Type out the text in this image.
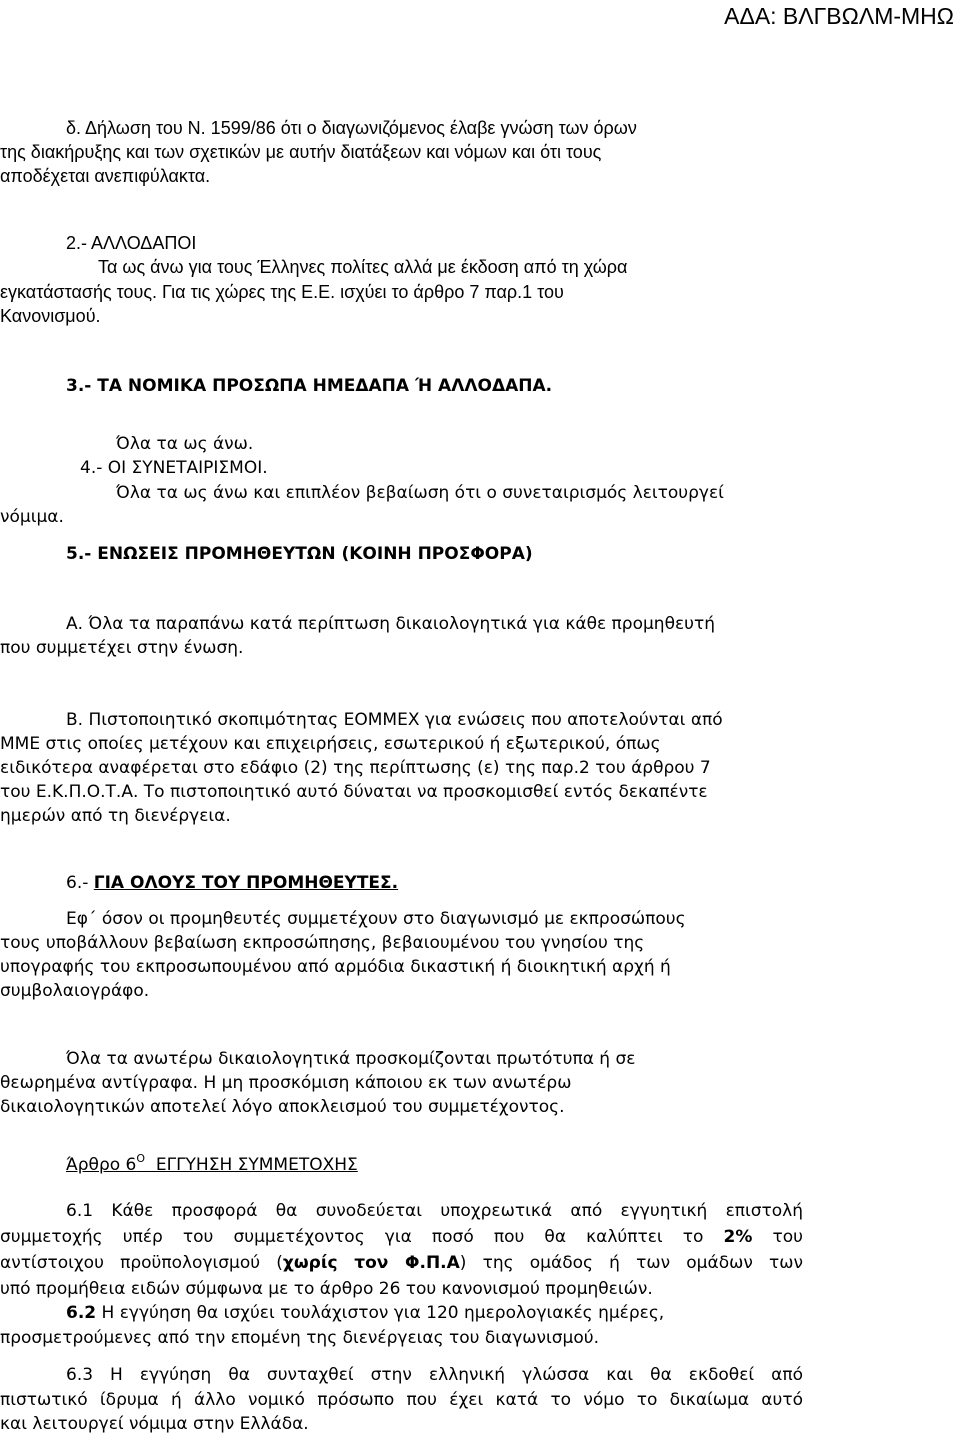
ΑΔΑ: ΒΛΓΒΩΛΜ-ΜΗΩ
δ. Δήλωση του Ν. 1599/86 ότι ο διαγωνιζόμενος έλαβε γνώση των όρων
της διακήρυξης και των σχετικών με αυτήν διατάξεων και νόμων και ότι τους
αποδέχεται ανεπιφύλακτα.
2.- ΑΛΛΟΔΑΠΟΙ
Τα ως άνω για τους Έλληνες πολίτες αλλά με έκδοση από τη χώρα
εγκατάστασής τους. Για τις χώρες της Ε.Ε. ισχύει το άρθρο 7 παρ.1 του
Κανονισμού.
3.- ΤΑ ΝΟΜΙΚΑ ΠΡΟΣΩΠΑ ΗΜΕΔΑΠΑ Ή ΑΛΛΟΔΑΠΑ.
Όλα τα ως άνω.
4.- ΟΙ ΣΥΝΕΤΑΙΡΙΣΜΟΙ.
Όλα τα ως άνω και επιπλέον βεβαίωση ότι ο συνεταιρισμός λειτουργεί
νόμιμα.
5.- ΕΝΩΣΕΙΣ ΠΡΟΜΗΘΕΥΤΩΝ (ΚΟΙΝΗ ΠΡΟΣΦΟΡΑ)
Α. Όλα τα παραπάνω κατά περίπτωση δικαιολογητικά για κάθε προμηθευτή
που συμμετέχει στην ένωση.
Β. Πιστοποιητικό σκοπιμότητας ΕΟΜΜΕΧ για ενώσεις που αποτελούνται από
ΜΜΕ στις οποίες μετέχουν και επιχειρήσεις, εσωτερικού ή εξωτερικού, όπως
ειδικότερα αναφέρεται στο εδάφιο (2) της περίπτωσης (ε) της παρ.2 του άρθρου 7
του Ε.Κ.Π.Ο.Τ.Α. Το πιστοποιητικό αυτό δύναται να προσκομισθεί εντός δεκαπέντε
ημερών από τη διενέργεια.
6.- ΓΙΑ ΟΛΟΥΣ ΤΟΥ ΠΡΟΜΗΘΕΥΤΕΣ.
Εφ΄ όσον οι προμηθευτές συμμετέχουν στο διαγωνισμό με εκπροσώπους
τους υποβάλλουν βεβαίωση εκπροσώπησης, βεβαιουμένου του γνησίου της
υπογραφής του εκπροσωπουμένου από αρμόδια δικαστική ή διοικητική αρχή ή
συμβολαιογράφο.
Όλα τα ανωτέρω δικαιολογητικά προσκομίζονται πρωτότυπα ή σε
θεωρημένα αντίγραφα. Η μη προσκόμιση κάποιου εκ των ανωτέρω
δικαιολογητικών αποτελεί λόγο αποκλεισμού του συμμετέχοντος.
Άρθρο $6^O$  ΕΓΓΥΗΣΗ ΣΥΜΜΕΤΟΧΗΣ
6.1 Κάθε προσφορά θα συνοδεύεται υποχρεωτικά από εγγυητική επιστολή
συμμετοχής υπέρ του συμμετέχοντος για ποσό που θα καλύπτει το 2% του
αντίστοιχου προϋπολογισμού (χωρίς τον Φ.Π.Α) της ομάδος ή των ομάδων των
υπό προμήθεια ειδών σύμφωνα με το άρθρο 26 του κανονισμού προμηθειών.
6.2 Η εγγύηση θα ισχύει τουλάχιστον για 120 ημερολογιακές ημέρες,
προσμετρούμενες από την επομένη της διενέργειας του διαγωνισμού.
6.3 Η εγγύηση θα συνταχθεί στην ελληνική γλώσσα και θα εκδοθεί από
πιστωτικό ίδρυμα ή άλλο νομικό πρόσωπο που έχει κατά το νόμο το δικαίωμα αυτό
και λειτουργεί νόμιμα στην Ελλάδα.
